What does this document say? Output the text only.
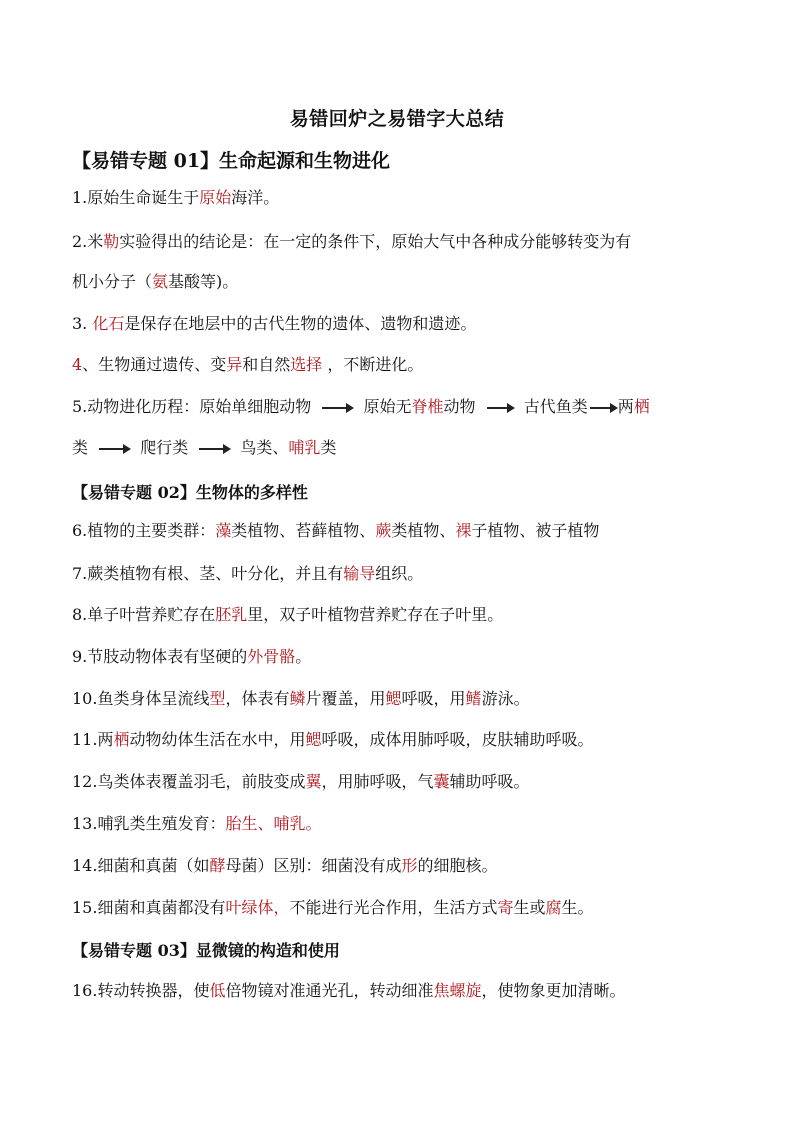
易错回炉之易错字大总结
【易错专题 01】生命起源和生物进化
1.原始生命诞生于原始海洋。
2.米勒实验得出的结论是：在一定的条件下，原始大气中各种成分能够转变为有
机小分子（氨基酸等)。
3. 化石是保存在地层中的古代生物的遗体、遗物和遗迹。
4、生物通过遗传、变异和自然选择 ，不断进化。
5.动物进化历程：原始单细胞动物	原始无脊椎动物	古代鱼类 两栖
类	爬行类	鸟类、哺乳类
【易错专题 02】生物体的多样性
6.植物的主要类群：藻类植物、苔藓植物、蕨类植物、裸子植物、被子植物
7.蕨类植物有根、茎、叶分化，并且有输导组织。
8.单子叶营养贮存在胚乳里，双子叶植物营养贮存在子叶里。
9.节肢动物体表有坚硬的外骨骼。
10.鱼类身体呈流线型，体表有鳞片覆盖，用鳃呼吸，用鳍游泳。
11.两栖动物幼体生活在水中，用鳃呼吸，成体用肺呼吸，皮肤辅助呼吸。
12.鸟类体表覆盖羽毛，前肢变成翼，用肺呼吸，气囊辅助呼吸。
13.哺乳类生殖发育：胎生、哺乳。
14.细菌和真菌（如酵母菌）区别：细菌没有成形的细胞核。
15.细菌和真菌都没有叶绿体，不能进行光合作用，生活方式寄生或腐生。
【易错专题 03】显微镜的构造和使用
16.转动转换器，使低倍物镜对准通光孔，转动细准焦螺旋，使物象更加清晰。
